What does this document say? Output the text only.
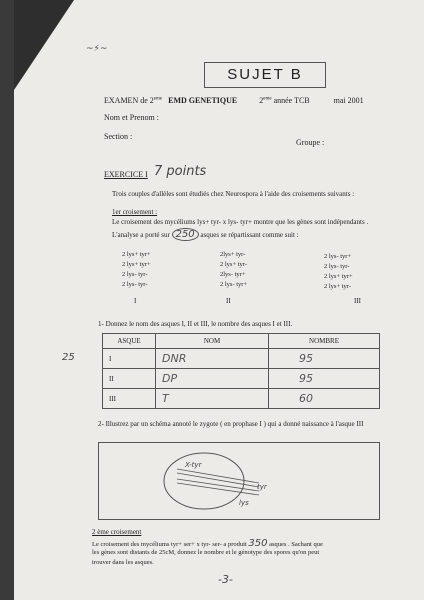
~⚡~
SUJET B
EXAMEN de 2eme EMD GENETIQUE	2eme année TCB	mai 2001
Nom et Prenom :
Section :
Groupe :
EXERCICE I 7 points
Trois couples d'allèles sont étudiés chez Neurospora à l'aide des croisements suivants :
1er croisement :
Le croisement des mycéliums lys+ tyr- x lys- tyr+ montre que les gènes sont indépendants .
L'analyse a porté sur 250 asques se répartissant comme suit :
2 lys+ tyr+
2 lys+ tyr+
2 lys- tyr-
2 lys- tyr-
I
2lys+ tyr-
2 lys+ tyr-
2lys- tyr+
2 lys- tyr+
II
2 lys- tyr+
2 lys- tyr-
2 lys+ tyr+
2 lys+ tyr-
III
1- Donnez le nom des asques I, II et III, le nombre des asques I et III.
25
ASQUE	NOM	NOMBRE
I	DNR	95
II	DP	95
III	T	60
2- Illustrez par un schéma annoté le zygote ( en prophase I ) qui a donné naissance à l'asque III
X-tyr
lys
tyr
2 ème croisement
Le croisement des mycéliums tyr+ ser+ x tyr- ser- a produit 350 asques . Sachant que
les gènes sont distants de 25cM, donnez le nombre et le génotype des spores qu'on peut
trouver dans les asques.
-3-
